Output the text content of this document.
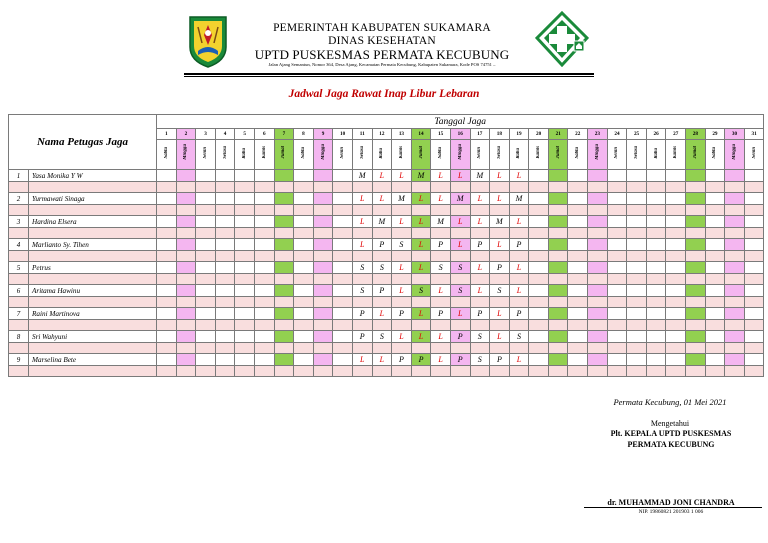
PEMERINTAH KABUPATEN SUKAMARA
DINAS KESEHATAN
UPTD PUSKESMAS PERMATA KECUBUNG
Jalan Ajang Semantun, Nomor 364, Desa Ajang, Kecamatan Permata Kecubung, Kabupaten Sukamara, Kode POS 74751 –
Jadwal Jaga Rawat Inap Libur Lebaran
Nama Petugas Jaga		Tanggal Jaga																														
		1	2	3	4	5	6	7	8	9	10	11	12	13	14	15	16	17	18	19	20	21	22	23	24	25	26	27	28	29	30	31
		Sabtu	Minggu	Senin	Selasa	Rabu	Kamis	Jumat	Sabtu	Minggu	Senin	Selasa	Rabu	Kamis	Jumat	Sabtu	Minggu	Senin	Selasa	Rabu	Kamis	Jumat	Sabtu	Minggu	Senin	Selasa	Rabu	Kamis	Jumat	Sabtu	Minggu	Senin
1	Yasa Monika Y W											M	L	L	M	L	L	M	L	L												

2	Yurmawati Sinaga											L	L	M	L	L	M	L	L	M												

3	Hardina Elsera											L	M	L	L	M	L	L	M	L												

4	Marlianto Sy. Tihen											L	P	S	L	P	L	P	L	P												

5	Petrus											S	S	L	L	S	S	L	P	L												

6	Aritama Hawinu											S	P	L	S	L	S	L	S	L												

7	Raini Martinova											P	L	P	L	P	L	P	L	P												

8	Sri Wahyuni											P	S	L	L	L	P	S	L	S												

9	Marselina Bete											L	L	P	P	L	P	S	P	L												

Permata Kecubung, 01 Mei 2021
Mengetahui
Plt. KEPALA UPTD PUSKESMAS
PERMATA KECUBUNG
dr. MUHAMMAD JONI CHANDRA
NIP. 19860821 201903 1 006
